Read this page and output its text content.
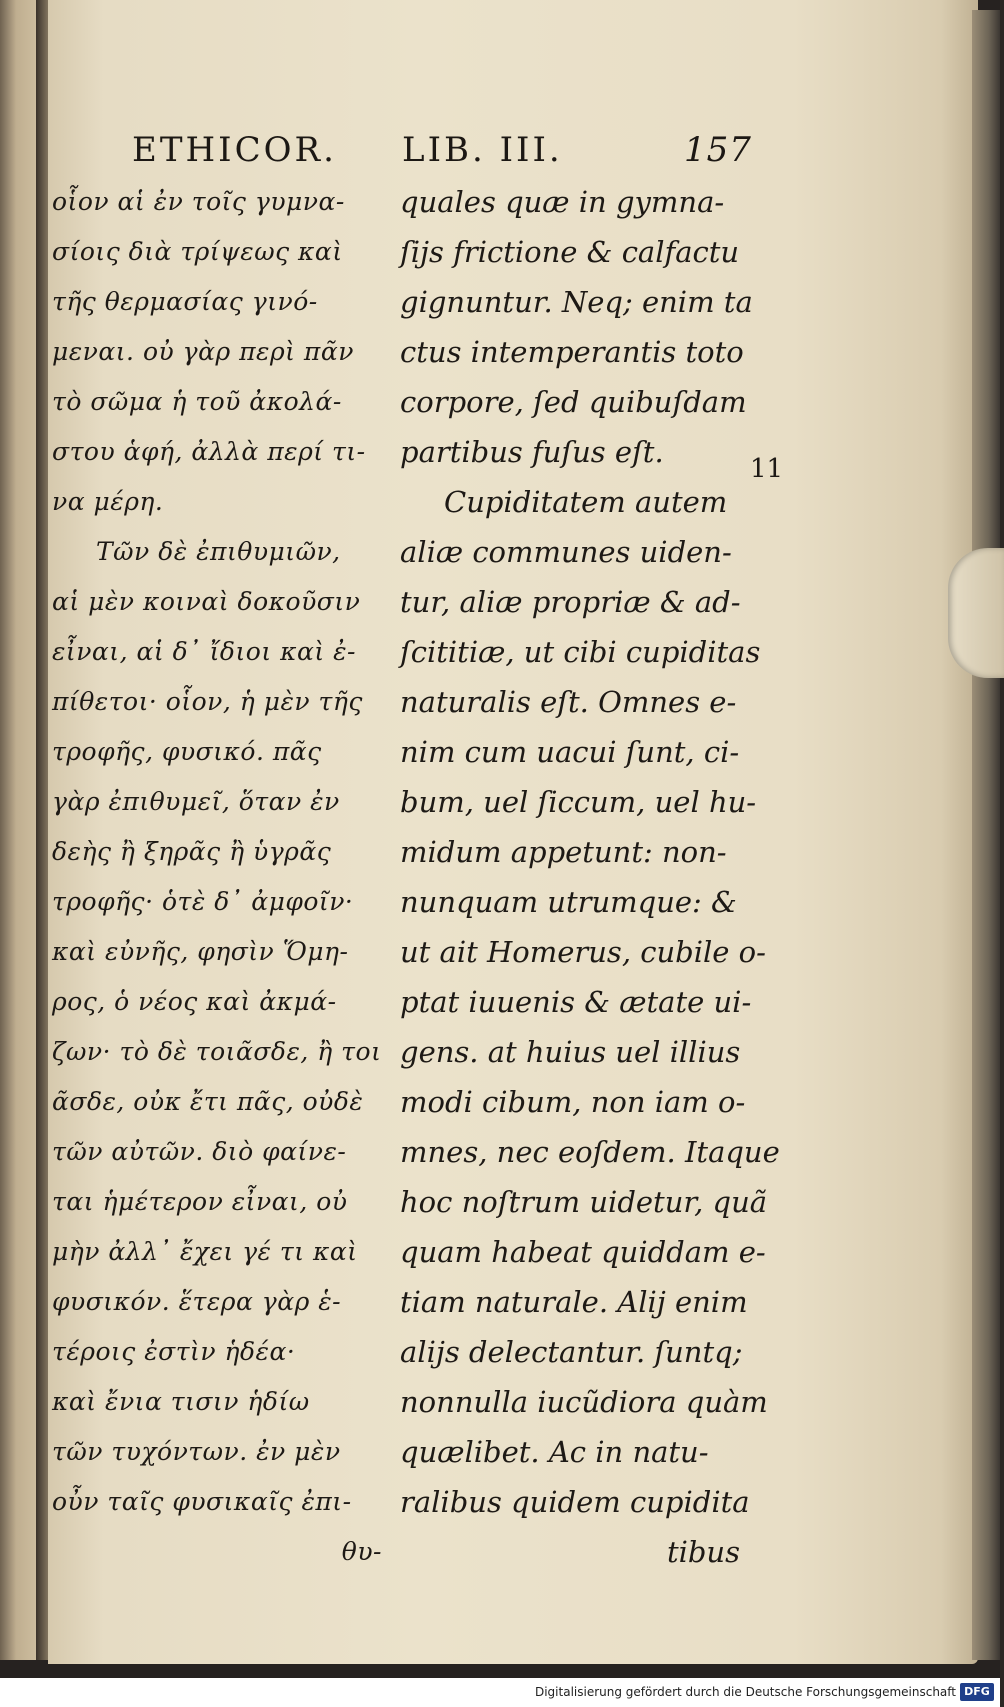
ETHICOR. LIB. III.	157
οἷον αἱ ἐν τοῖς γυμνα-
σίοις διὰ τρίψεως καὶ
τῆς θερμασίας γινό-
μεναι. οὐ γὰρ περὶ πᾶν
τὸ σῶμα ἡ τοῦ ἀκολά-
στου ἁφή, ἀλλὰ περί τι-
να μέρη.
Τῶν δὲ ἐπιθυμιῶν,
αἱ μὲν κοιναὶ δοκοῦσιν
εἶναι, αἱ δ᾽ ἴδιοι καὶ ἐ-
πίθετοι· οἷον, ἡ μὲν τῆς
τροφῆς, φυσικό. πᾶς
γὰρ ἐπιθυμεῖ, ὅταν ἐν
δεὴς ἢ ξηρᾶς ἢ ὑγρᾶς
τροφῆς· ὁτὲ δ᾽ ἀμφοῖν·
καὶ εὐνῆς, φησὶν Ὅμη-
ρος, ὁ νέος καὶ ἀκμά-
ζων· τὸ δὲ τοιᾶσδε, ἢ τοι
ᾶσδε, οὐκ ἔτι πᾶς, οὐδὲ
τῶν αὐτῶν. διὸ φαίνε-
ται ἡμέτερον εἶναι, οὐ
μὴν ἀλλ᾽ ἔχει γέ τι καὶ
φυσικόν. ἕτερα γὰρ ἑ-
τέροις ἐστὶν ἡδέα·
καὶ ἔνια τισιν ἡδίω
τῶν τυχόντων. ἐν μὲν
οὖν ταῖς φυσικαῖς ἐπι-
θυ-
quales quæ in gymna-
ſijs frictione & calfactu
gignuntur. Neq; enim ta
ctus intemperantis toto
corpore, ſed quibuſdam
partibus fuſus eſt.
Cupiditatem autem
aliæ communes uiden-
tur, aliæ propriæ & ad-
ſcititiæ, ut cibi cupiditas
naturalis eſt. Omnes e-
nim cum uacui ſunt, ci-
bum, uel ſiccum, uel hu-
midum appetunt: non-
nunquam utrumque: &
ut ait Homerus, cubile o-
ptat iuuenis & ætate ui-
gens. at huius uel illius
modi cibum, non iam o-
mnes, nec eoſdem. Itaque
hoc noſtrum uidetur, quã
quam habeat quiddam e-
tiam naturale. Alij enim
alijs delectantur. ſuntq;
nonnulla iucũdiora quàm
quælibet. Ac in natu-
ralibus quidem cupidita
tibus
11
Digitalisierung gefördert durch die Deutsche Forschungsgemeinschaft DFG
